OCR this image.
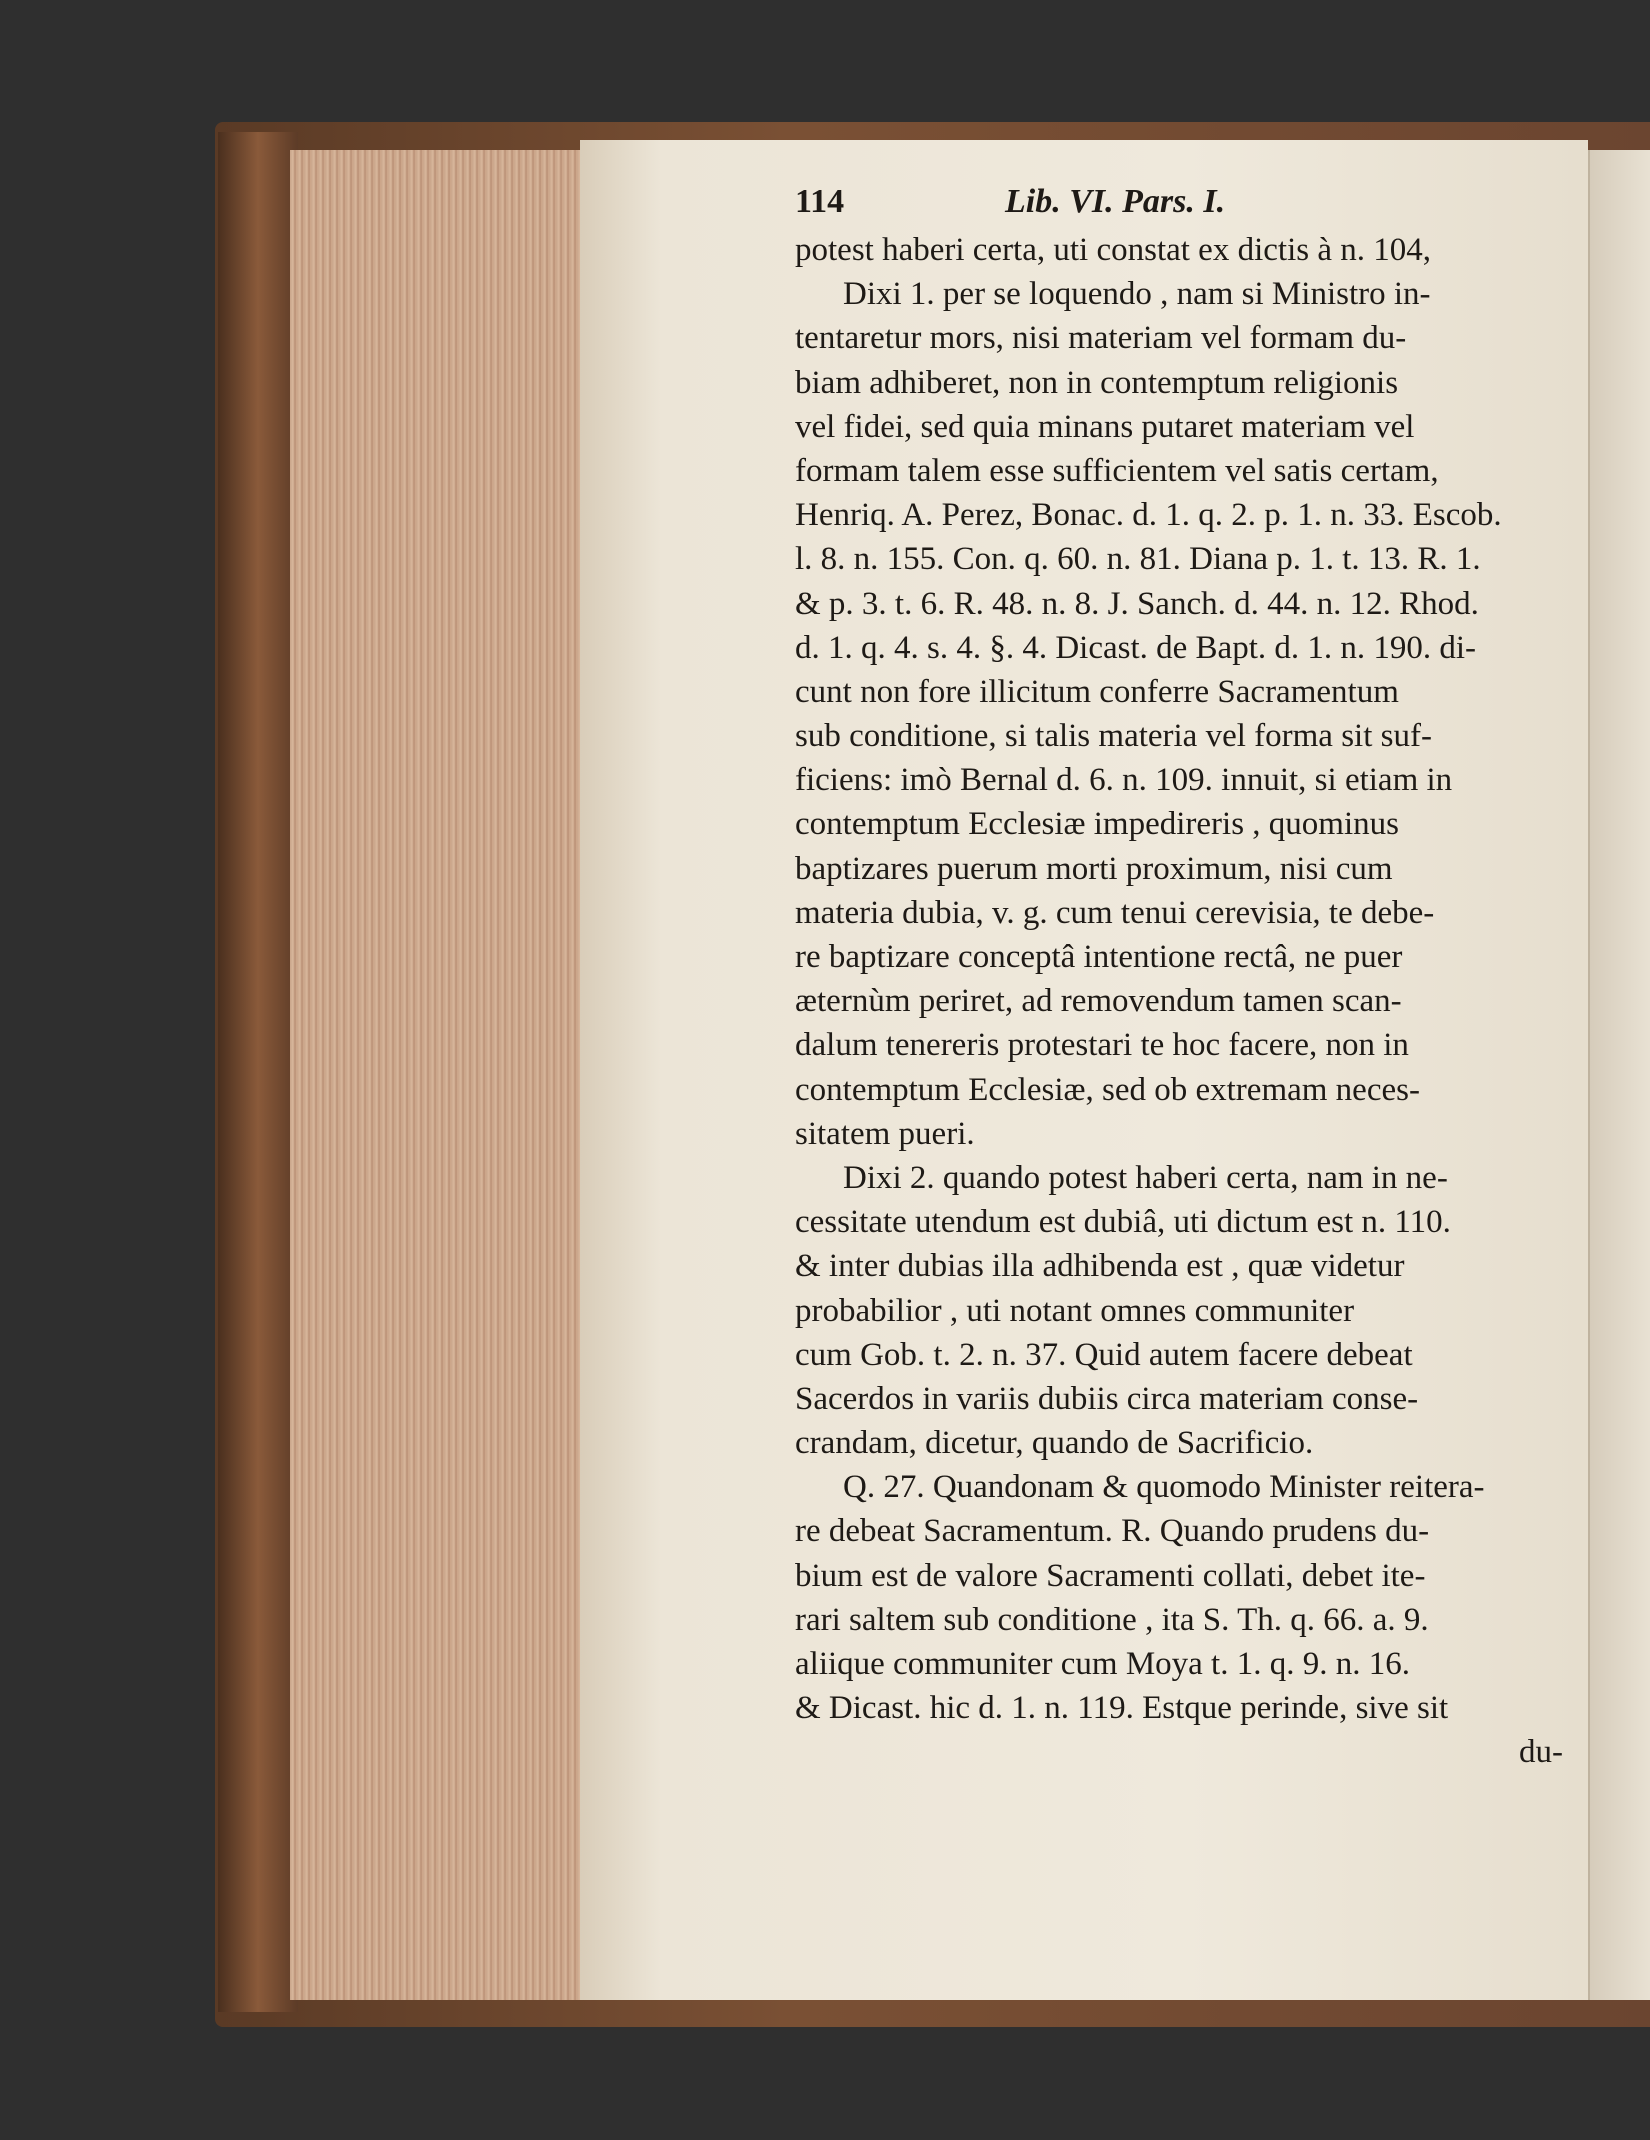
114	Lib. VI. Pars. I.
potest haberi certa, uti constat ex dictis à n. 104,
Dixi 1. per se loquendo , nam si Ministro in-
tentaretur mors, nisi materiam vel formam du-
biam adhiberet, non in contemptum religionis
vel fidei, sed quia minans putaret materiam vel
formam talem esse sufficientem vel satis certam,
Henriq. A. Perez, Bonac. d. 1. q. 2. p. 1. n. 33. Escob.
l. 8. n. 155. Con. q. 60. n. 81. Diana p. 1. t. 13. R. 1.
& p. 3. t. 6. R. 48. n. 8. J. Sanch. d. 44. n. 12. Rhod.
d. 1. q. 4. s. 4. §. 4. Dicast. de Bapt. d. 1. n. 190. di-
cunt non fore illicitum conferre Sacramentum
sub conditione, si talis materia vel forma sit suf-
ficiens: imò Bernal d. 6. n. 109. innuit, si etiam in
contemptum Ecclesiæ impedireris , quominus
baptizares puerum morti proximum, nisi cum
materia dubia, v. g. cum tenui cerevisia, te debe-
re baptizare conceptâ intentione rectâ, ne puer
æternùm periret, ad removendum tamen scan-
dalum tenereris protestari te hoc facere, non in
contemptum Ecclesiæ, sed ob extremam neces-
sitatem pueri.
Dixi 2. quando potest haberi certa, nam in ne-
cessitate utendum est dubiâ, uti dictum est n. 110.
& inter dubias illa adhibenda est , quæ videtur
probabilior , uti notant omnes communiter
cum Gob. t. 2. n. 37. Quid autem facere debeat
Sacerdos in variis dubiis circa materiam conse-
crandam, dicetur, quando de Sacrificio.
Q. 27. Quandonam & quomodo Minister reitera-
re debeat Sacramentum. R. Quando prudens du-
bium est de valore Sacramenti collati, debet ite-
rari saltem sub conditione , ita S. Th. q. 66. a. 9.
aliique communiter cum Moya t. 1. q. 9. n. 16.
& Dicast. hic d. 1. n. 119. Estque perinde, sive sit
du-
